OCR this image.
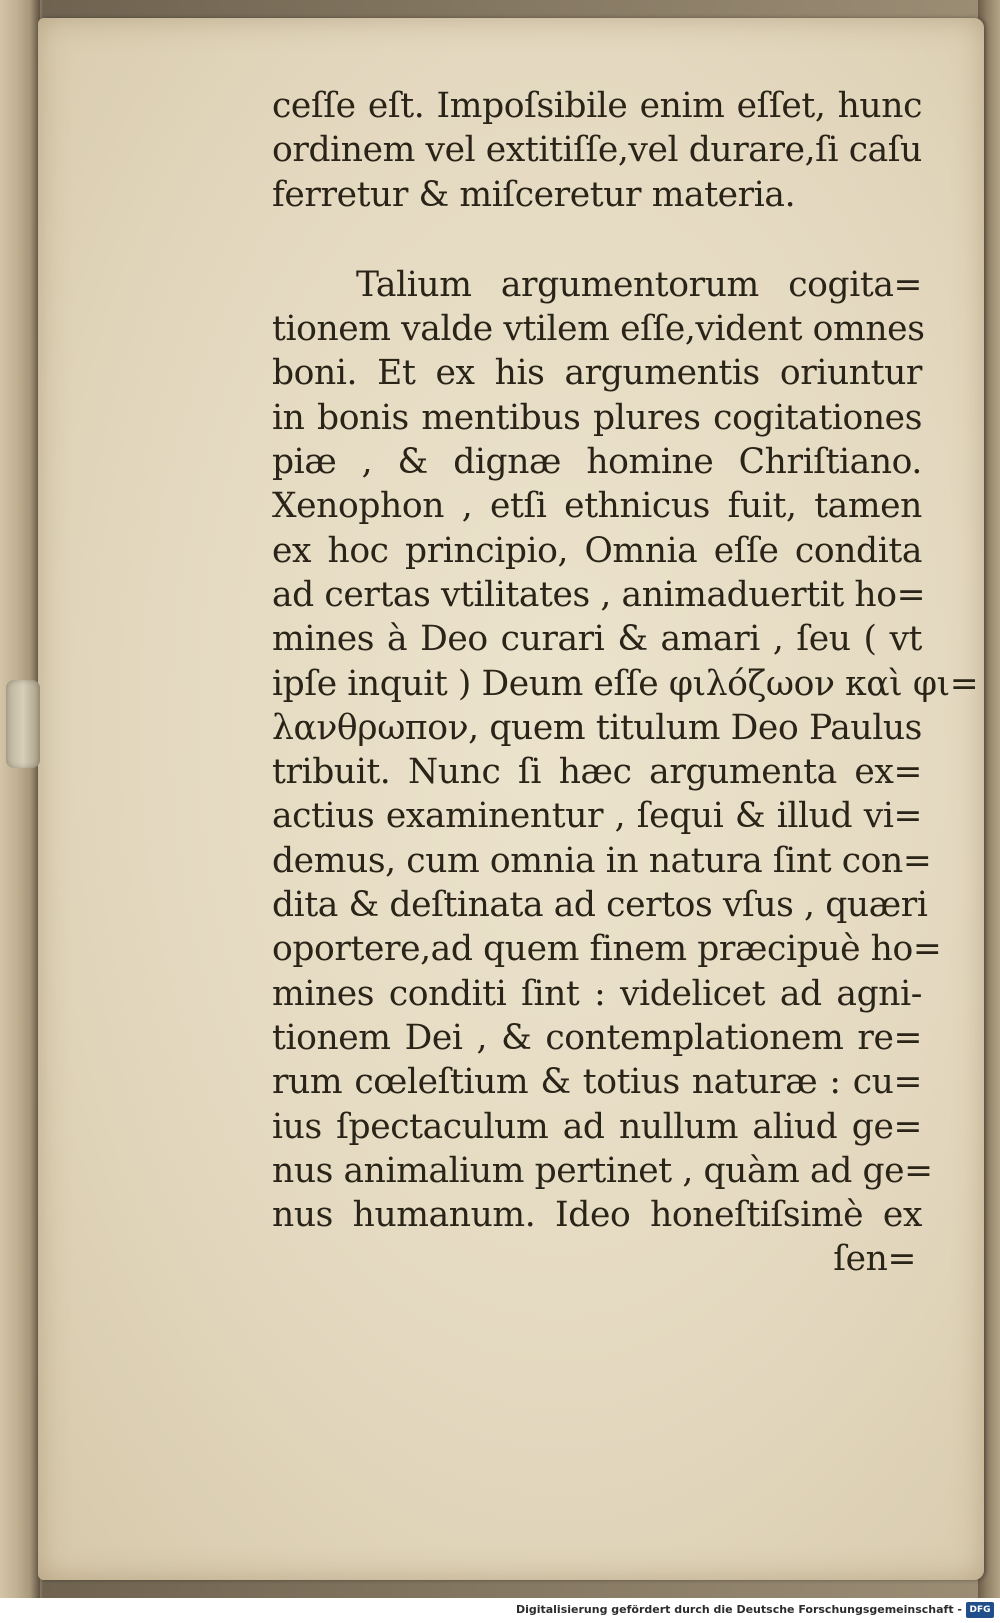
ceſſe eſt. Impoſsibile enim eſſet, hunc
ordinem vel extitiſſe,vel durare,ſi caſu
ferretur & miſceretur materia.
Talium argumentorum cogita=
tionem valde vtilem eſſe,vident omnes
boni. Et ex his argumentis oriuntur
in bonis mentibus plures cogitationes
piæ , & dignæ homine Chriſtiano.
Xenophon , etſi ethnicus fuit, tamen
ex hoc principio, Omnia eſſe condita
ad certas vtilitates , animaduertit ho=
mines à Deo curari & amari , ſeu ( vt
ipſe inquit ) Deum eſſe φιλόζωον καὶ φι=
λανθρωπον, quem titulum Deo Paulus
tribuit. Nunc ſi hæc argumenta ex=
actius examinentur , ſequi & illud vi=
demus, cum omnia in natura ſint con=
dita & deſtinata ad certos vſus , quæri
oportere,ad quem finem præcipuè ho=
mines conditi ſint : videlicet ad agni-
tionem Dei , & contemplationem re=
rum cœleſtium & totius naturæ : cu=
ius ſpectaculum ad nullum aliud ge=
nus animalium pertinet , quàm ad ge=
nus humanum. Ideo honeſtiſsimè ex
ſen=
Digitalisierung gefördert durch die Deutsche Forschungsgemeinschaft - DFG
